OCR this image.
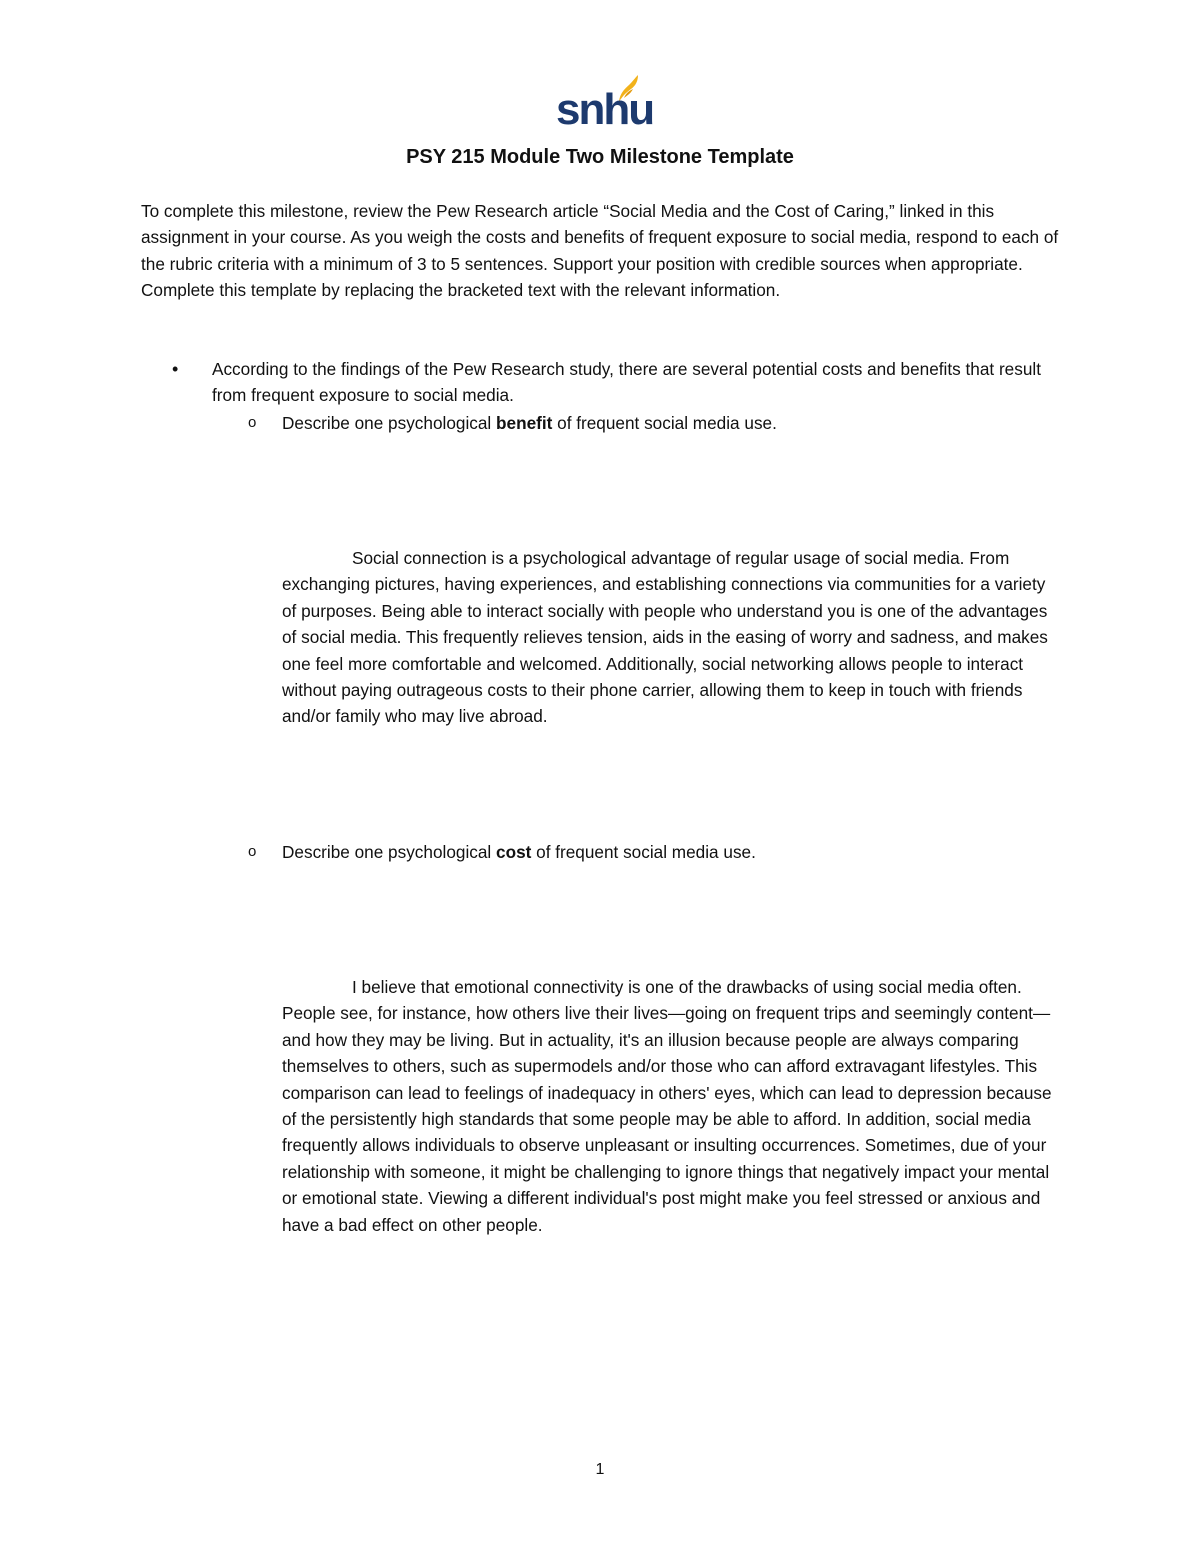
snhu
PSY 215 Module Two Milestone Template

To complete this milestone, review the Pew Research article “Social Media and the Cost of Caring,” linked in this assignment in your course. As you weigh the costs and benefits of frequent exposure to social media, respond to each of the rubric criteria with a minimum of 3 to 5 sentences. Support your position with credible sources when appropriate. Complete this template by replacing the bracketed text with the relevant information.

• According to the findings of the Pew Research study, there are several potential costs and benefits that result from frequent exposure to social media.

o Describe one psychological benefit of frequent social media use.

Social connection is a psychological advantage of regular usage of social media. From exchanging pictures, having experiences, and establishing connections via communities for a variety of purposes. Being able to interact socially with people who understand you is one of the advantages of social media. This frequently relieves tension, aids in the easing of worry and sadness, and makes one feel more comfortable and welcomed. Additionally, social networking allows people to interact without paying outrageous costs to their phone carrier, allowing them to keep in touch with friends and/or family who may live abroad.

o Describe one psychological cost of frequent social media use.

I believe that emotional connectivity is one of the drawbacks of using social media often. People see, for instance, how others live their lives—going on frequent trips and seemingly content—and how they may be living. But in actuality, it's an illusion because people are always comparing themselves to others, such as supermodels and/or those who can afford extravagant lifestyles. This comparison can lead to feelings of inadequacy in others' eyes, which can lead to depression because of the persistently high standards that some people may be able to afford. In addition, social media frequently allows individuals to observe unpleasant or insulting occurrences. Sometimes, due of your relationship with someone, it might be challenging to ignore things that negatively impact your mental or emotional state. Viewing a different individual's post might make you feel stressed or anxious and have a bad effect on other people.

1
